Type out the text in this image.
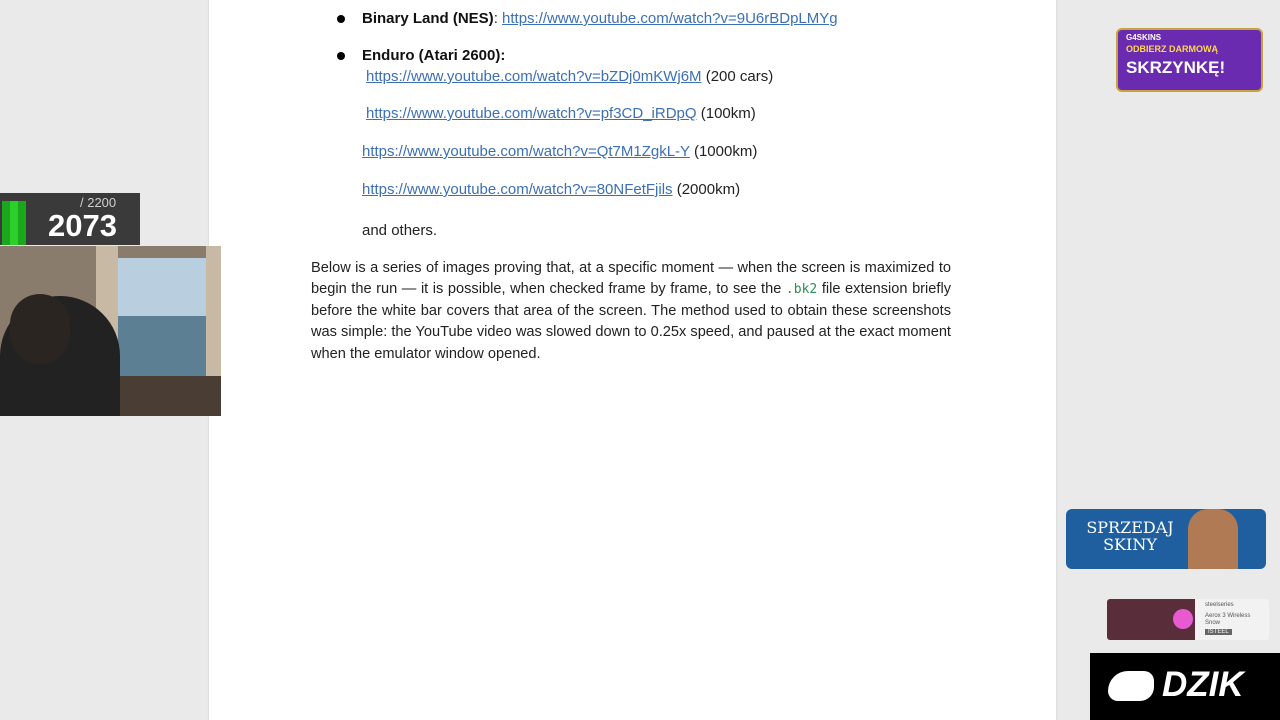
Binary Land (NES): https://www.youtube.com/watch?v=9U6rBDpLMYg
Enduro (Atari 2600):
https://www.youtube.com/watch?v=bZDj0mKWj6M (200 cars)
https://www.youtube.com/watch?v=pf3CD_iRDpQ (100km)
https://www.youtube.com/watch?v=Qt7M1ZgkL-Y (1000km)
https://www.youtube.com/watch?v=80NFetFjils (2000km)
and others.
Below is a series of images proving that, at a specific moment — when the screen is maximized to begin the run — it is possible, when checked frame by frame, to see the .bk2 file extension briefly before the white bar covers that area of the screen. The method used to obtain these screenshots was simple: the YouTube video was slowed down to 0.25x speed, and paused at the exact moment when the emulator window opened.
/ 2200
2073
G4SKINS
ODBIERZ DARMOWĄ
SKRZYNKĘ!
SPRZEDAJ SKINY
steelseries
Aerox 3 Wireless Snow
ISTEEL
DZIK
